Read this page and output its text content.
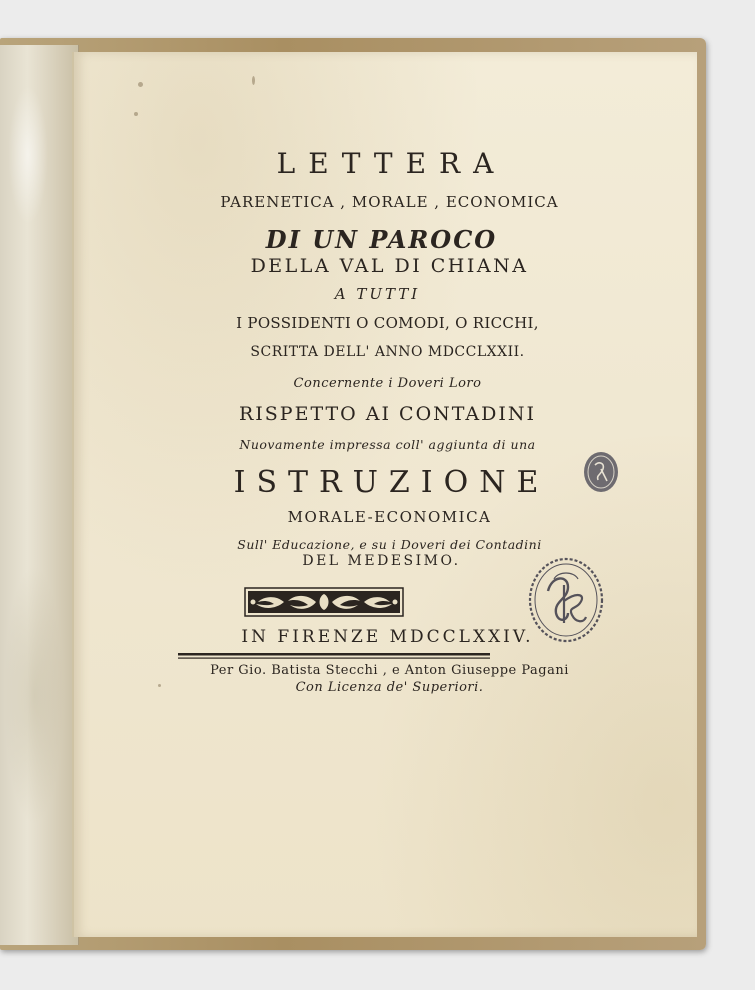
LETTERA
PARENETICA , MORALE , ECONOMICA
DI UN PAROCO
DELLA VAL DI CHIANA
A TUTTI
I POSSIDENTI O COMODI, O RICCHI,
SCRITTA DELL' ANNO MDCCLXXII.
Concernente i Doveri Loro
RISPETTO AI CONTADINI
Nuovamente impressa coll' aggiunta di una
ISTRUZIONE
MORALE-ECONOMICA
Sull' Educazione, e su i Doveri dei Contadini
DEL MEDESIMO.
IN FIRENZE MDCCLXXIV.
Per Gio. Batista Stecchi , e Anton Giuseppe Pagani
Con Licenza de' Superiori.
